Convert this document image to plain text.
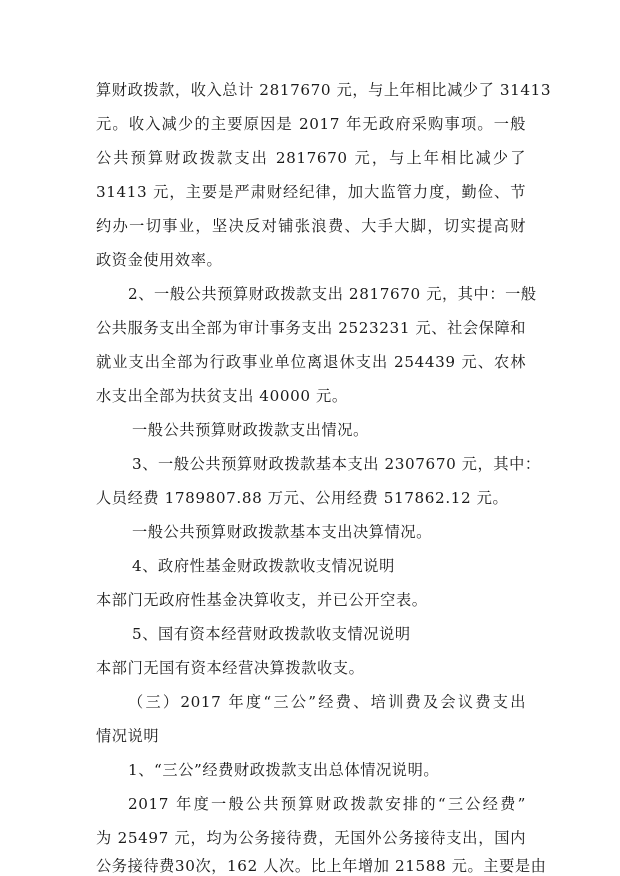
算财政拨款，收入总计 2817670 元，与上年相比减少了 31413
元。收入减少的主要原因是 2017 年无政府采购事项。一般
公共预算财政拨款支出 2817670 元，与上年相比减少了
31413 元，主要是严肃财经纪律，加大监管力度，勤俭、节
约办一切事业，坚决反对铺张浪费、大手大脚，切实提高财
政资金使用效率。
2、一般公共预算财政拨款支出 2817670 元，其中：一般
公共服务支出全部为审计事务支出 2523231 元、社会保障和
就业支出全部为行政事业单位离退休支出 254439 元、农林
水支出全部为扶贫支出 40000 元。
一般公共预算财政拨款支出情况。
3、一般公共预算财政拨款基本支出 2307670 元，其中：
人员经费 1789807.88 万元、公用经费 517862.12 元。
一般公共预算财政拨款基本支出决算情况。
4、政府性基金财政拨款收支情况说明
本部门无政府性基金决算收支，并已公开空表。
5、国有资本经营财政拨款收支情况说明
本部门无国有资本经营决算拨款收支。
（三）2017 年度“三公”经费、培训费及会议费支出
情况说明
1、“三公”经费财政拨款支出总体情况说明。
2017 年度一般公共预算财政拨款安排的“三公经费”
为 25497 元，均为公务接待费，无国外公务接待支出，国内
公务接待费30次，162 人次。比上年增加 21588 元。主要是由
